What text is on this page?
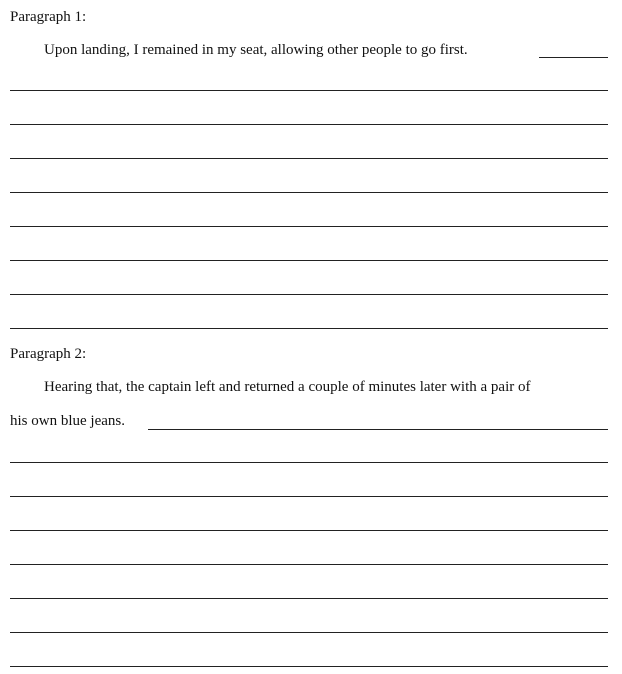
Paragraph 1:
Upon landing, I remained in my seat, allowing other people to go first.
Paragraph 2:
Hearing that, the captain left and returned a couple of minutes later with a pair of
his own blue jeans.
